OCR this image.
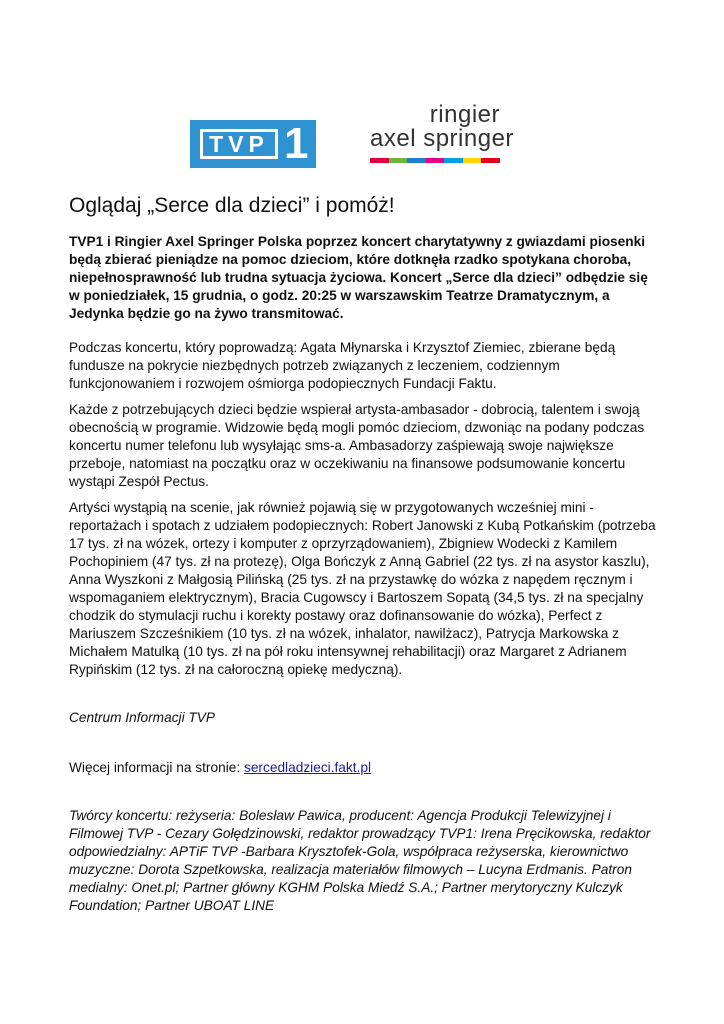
TVP 1
ringier
axel springer
Oglądaj „Serce dla dzieci” i pomóż!

TVP1 i Ringier Axel Springer Polska poprzez koncert charytatywny z gwiazdami piosenki będą zbierać pieniądze na pomoc dzieciom, które dotknęła rzadko spotykana choroba, niepełnosprawność lub trudna sytuacja życiowa. Koncert „Serce dla dzieci” odbędzie się w poniedziałek, 15 grudnia, o godz. 20:25 w warszawskim Teatrze Dramatycznym, a Jedynka będzie go na żywo transmitować.

Podczas koncertu, który poprowadzą: Agata Młynarska i Krzysztof Ziemiec, zbierane będą fundusze na pokrycie niezbędnych potrzeb związanych z leczeniem, codziennym funkcjonowaniem i rozwojem ośmiorga podopiecznych Fundacji Faktu.

Każde z potrzebujących dzieci będzie wspierał artysta-ambasador - dobrocią, talentem i swoją obecnością w programie. Widzowie będą mogli pomóc dzieciom, dzwoniąc na podany podczas koncertu numer telefonu lub wysyłając sms-a. Ambasadorzy zaśpiewają swoje największe przeboje, natomiast na początku oraz w oczekiwaniu na finansowe podsumowanie koncertu wystąpi Zespół Pectus.

Artyści wystąpią na scenie, jak również pojawią się w przygotowanych wcześniej mini - reportażach i spotach z udziałem podopiecznych: Robert Janowski z Kubą Potkańskim (potrzeba 17 tys. zł na wózek, ortezy i komputer z oprzyrządowaniem), Zbigniew Wodecki z Kamilem Pochopiniem (47 tys. zł na protezę), Olga Bończyk z Anną Gabriel (22 tys. zł na asystor kaszlu), Anna Wyszkoni z Małgosią Pilińską (25 tys. zł na przystawkę do wózka z napędem ręcznym i wspomaganiem elektrycznym), Bracia Cugowscy i Bartoszem Sopatą (34,5 tys. zł na specjalny chodzik do stymulacji ruchu i korekty postawy oraz dofinansowanie do wózka), Perfect z Mariuszem Szcześnikiem (10 tys. zł na wózek, inhalator, nawilżacz), Patrycja Markowska z Michałem Matulką (10 tys. zł na pół roku intensywnej rehabilitacji) oraz Margaret z Adrianem Rypińskim (12 tys. zł na całoroczną opiekę medyczną).

Centrum Informacji TVP

Więcej informacji na stronie: sercedladzieci.fakt.pl

Twórcy koncertu: reżyseria: Bolesław Pawica, producent: Agencja Produkcji Telewizyjnej i Filmowej TVP - Cezary Gołędzinowski, redaktor prowadzący TVP1: Irena Pręcikowska, redaktor odpowiedzialny: APTiF TVP -Barbara Krysztofek-Gola, współpraca reżyserska, kierownictwo muzyczne: Dorota Szpetkowska, realizacja materiałów filmowych – Lucyna Erdmanis. Patron medialny: Onet.pl; Partner główny KGHM Polska Miedź S.A.; Partner merytoryczny Kulczyk Foundation; Partner UBOAT LINE
